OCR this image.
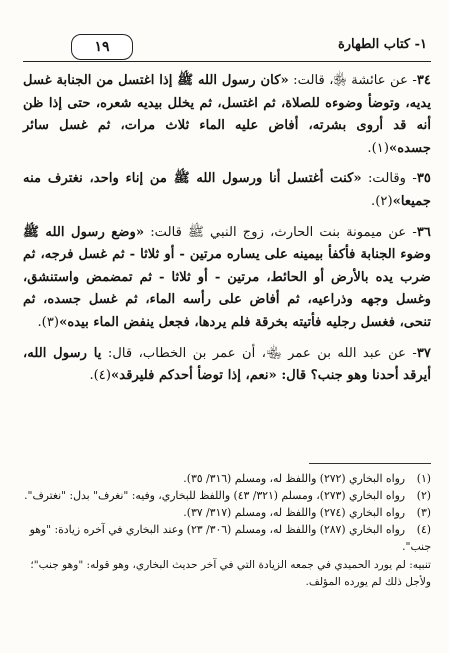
١- كتاب الطهارة
١٩

٣٤- عن عائشة ﵂، قالت: «كان رسول الله ﷺ إذا اغتسل من الجنابة غسل يديه، وتوضأ وضوءه للصلاة، ثم اغتسل، ثم يخلل بيديه شعره، حتى إذا ظن أنه قد أروى بشرته، أفاض عليه الماء ثلاث مرات، ثم غسل سائر جسده»(١).

٣٥- وقالت: «كنت أغتسل أنا ورسول الله ﷺ من إناء واحد، نغترف منه جميعا»(٢).

٣٦- عن ميمونة بنت الحارث، زوج النبي ﷺ قالت: «وضع رسول الله ﷺ وضوء الجنابة فأكفأ بيمينه على يساره مرتين - أو ثلاثا - ثم غسل فرجه، ثم ضرب يده بالأرض أو الحائط، مرتين - أو ثلاثا - ثم تمضمض واستنشق، وغسل وجهه وذراعيه، ثم أفاض على رأسه الماء، ثم غسل جسده، ثم تنحى، فغسل رجليه فأتيته بخرقة فلم يردها، فجعل ينفض الماء بيده»(٣).

٣٧- عن عبد الله بن عمر ﵄، أن عمر بن الخطاب، قال: يا رسول الله، أيرقد أحدنا وهو جنب؟ قال: «نعم، إذا توضأ أحدكم فليرقد»(٤).

(١)رواه البخاري (٢٧٢) واللفظ له، ومسلم (٣١٦/ ٣٥).

(٢)رواه البخاري (٢٧٣)، ومسلم (٣٢١/ ٤٣) واللفظ للبخاري، وفيه: "نغرف" بدل: "نغترف".

(٣)رواه البخاري (٢٧٤) واللفظ له، ومسلم (٣١٧/ ٣٧).

(٤)رواه البخاري (٢٨٧) واللفظ له، ومسلم (٣٠٦/ ٢٣) وعند البخاري في آخره زيادة: "وهو جنب".

تنبيه: لم يورد الحميدي في جمعه الزيادة التي في آخر حديث البخاري، وهو قوله: "وهو جنب"؛ ولأجل ذلك لم يورده المؤلف.
